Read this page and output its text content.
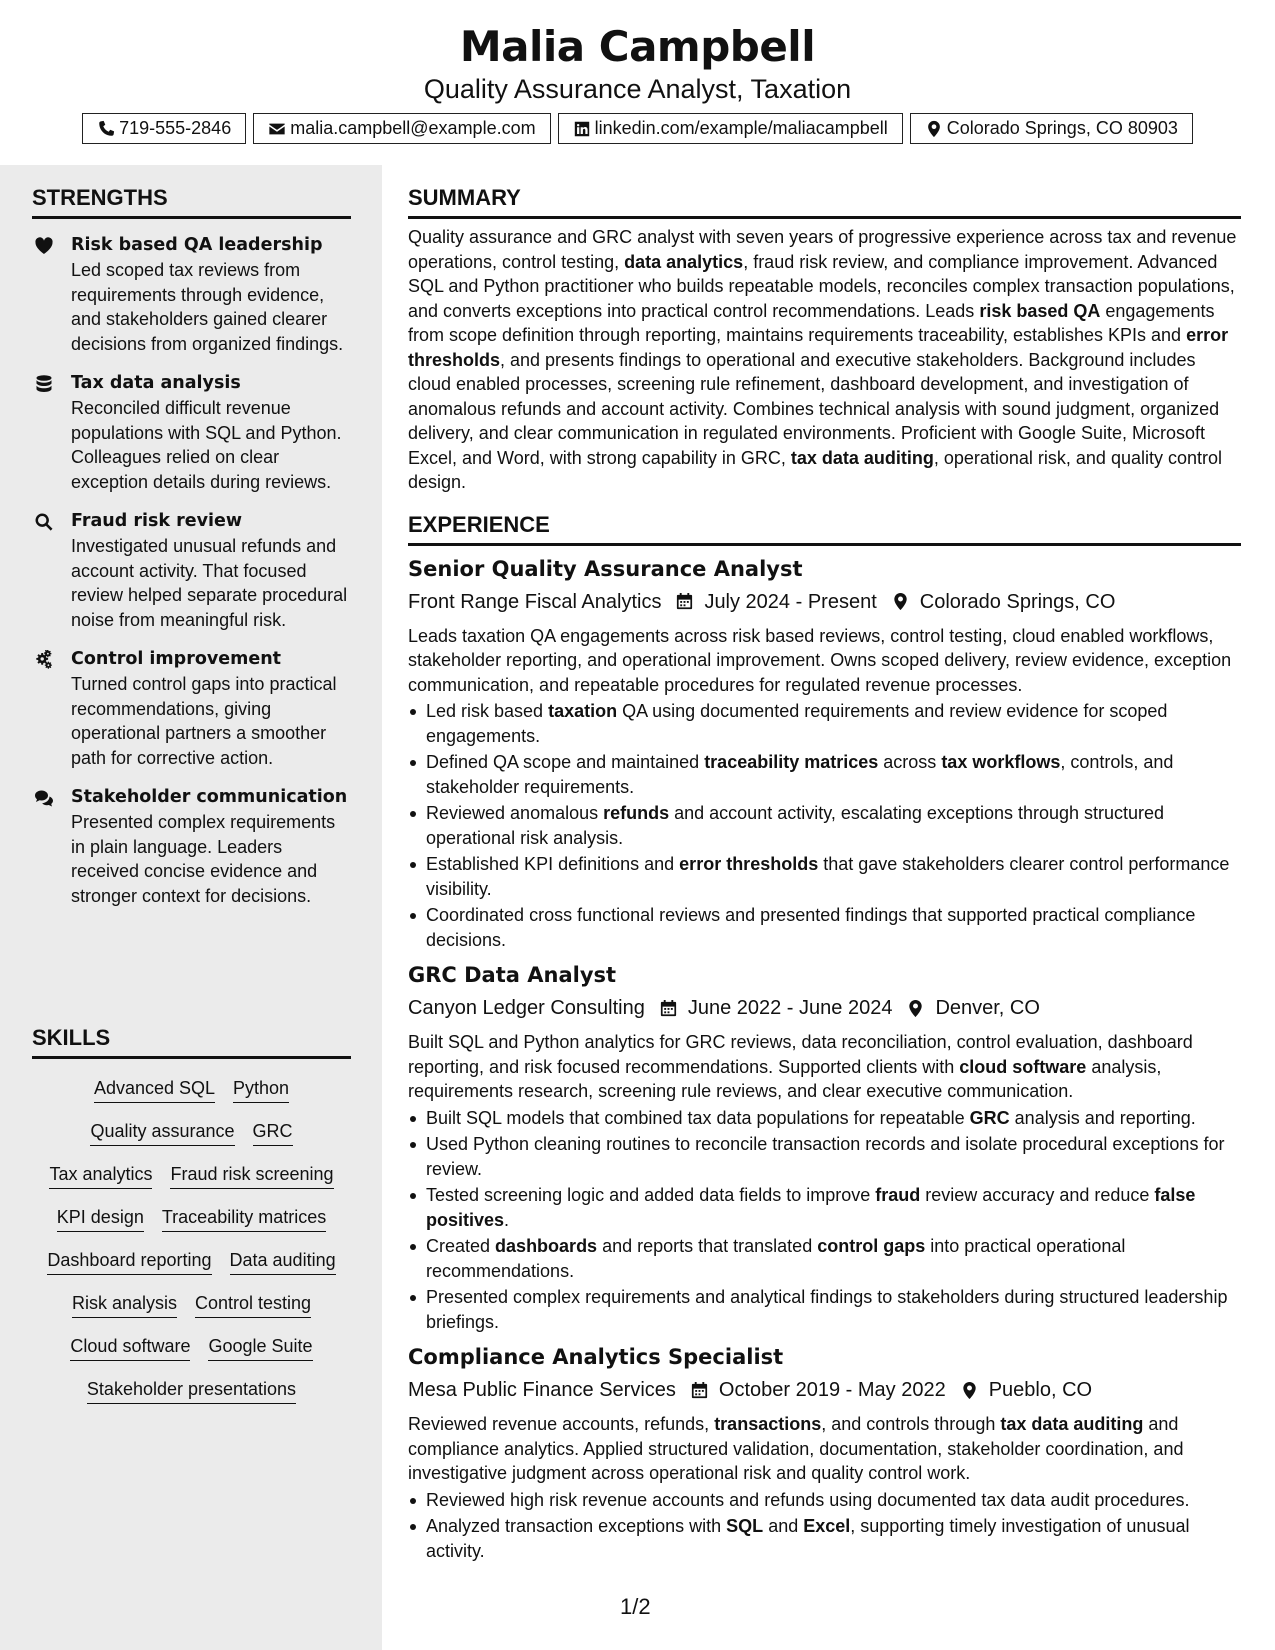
Malia Campbell
Quality Assurance Analyst, Taxation
719-555-2846	malia.campbell@example.com	linkedin.com/example/maliacampbell	Colorado Springs, CO 80903
STRENGTHS
Risk based QA leadership
Led scoped tax reviews from requirements through evidence, and stakeholders gained clearer decisions from organized findings.
Tax data analysis
Reconciled difficult revenue populations with SQL and Python. Colleagues relied on clear exception details during reviews.
Fraud risk review
Investigated unusual refunds and account activity. That focused review helped separate procedural noise from meaningful risk.
Control improvement
Turned control gaps into practical recommendations, giving operational partners a smoother path for corrective action.
Stakeholder communication
Presented complex requirements in plain language. Leaders received concise evidence and stronger context for decisions.
SKILLS
Advanced SQL Python
Quality assurance GRC
Tax analytics Fraud risk screening
KPI design Traceability matrices
Dashboard reporting Data auditing
Risk analysis Control testing
Cloud software Google Suite
Stakeholder presentations
SUMMARY

Quality assurance and GRC analyst with seven years of progressive experience across tax and revenue operations, control testing, data analytics, fraud risk review, and compliance improvement. Advanced SQL and Python practitioner who builds repeatable models, reconciles complex transaction populations, and converts exceptions into practical control recommendations. Leads risk based QA engagements from scope definition through reporting, maintains requirements traceability, establishes KPIs and error thresholds, and presents findings to operational and executive stakeholders. Background includes cloud enabled processes, screening rule refinement, dashboard development, and investigation of anomalous refunds and account activity. Combines technical analysis with sound judgment, organized delivery, and clear communication in regulated environments. Proficient with Google Suite, Microsoft Excel, and Word, with strong capability in GRC, tax data auditing, operational risk, and quality control design.

EXPERIENCE
Senior Quality Assurance Analyst
Front Range Fiscal Analytics July 2024 - Present Colorado Springs, CO

Leads taxation QA engagements across risk based reviews, control testing, cloud enabled workflows, stakeholder reporting, and operational improvement. Owns scoped delivery, review evidence, exception communication, and repeatable procedures for regulated revenue processes.

Led risk based taxation QA using documented requirements and review evidence for scoped engagements.
Defined QA scope and maintained traceability matrices across tax workflows, controls, and stakeholder requirements.
Reviewed anomalous refunds and account activity, escalating exceptions through structured operational risk analysis.
Established KPI definitions and error thresholds that gave stakeholders clearer control performance visibility.
Coordinated cross functional reviews and presented findings that supported practical compliance decisions.
GRC Data Analyst
Canyon Ledger Consulting June 2022 - June 2024 Denver, CO

Built SQL and Python analytics for GRC reviews, data reconciliation, control evaluation, dashboard reporting, and risk focused recommendations. Supported clients with cloud software analysis, requirements research, screening rule reviews, and clear executive communication.

Built SQL models that combined tax data populations for repeatable GRC analysis and reporting.
Used Python cleaning routines to reconcile transaction records and isolate procedural exceptions for review.
Tested screening logic and added data fields to improve fraud review accuracy and reduce false positives.
Created dashboards and reports that translated control gaps into practical operational recommendations.
Presented complex requirements and analytical findings to stakeholders during structured leadership briefings.
Compliance Analytics Specialist
Mesa Public Finance Services October 2019 - May 2022 Pueblo, CO

Reviewed revenue accounts, refunds, transactions, and controls through tax data auditing and compliance analytics. Applied structured validation, documentation, stakeholder coordination, and investigative judgment across operational risk and quality control work.

Reviewed high risk revenue accounts and refunds using documented tax data audit procedures.
Analyzed transaction exceptions with SQL and Excel, supporting timely investigation of unusual activity.
1/2
